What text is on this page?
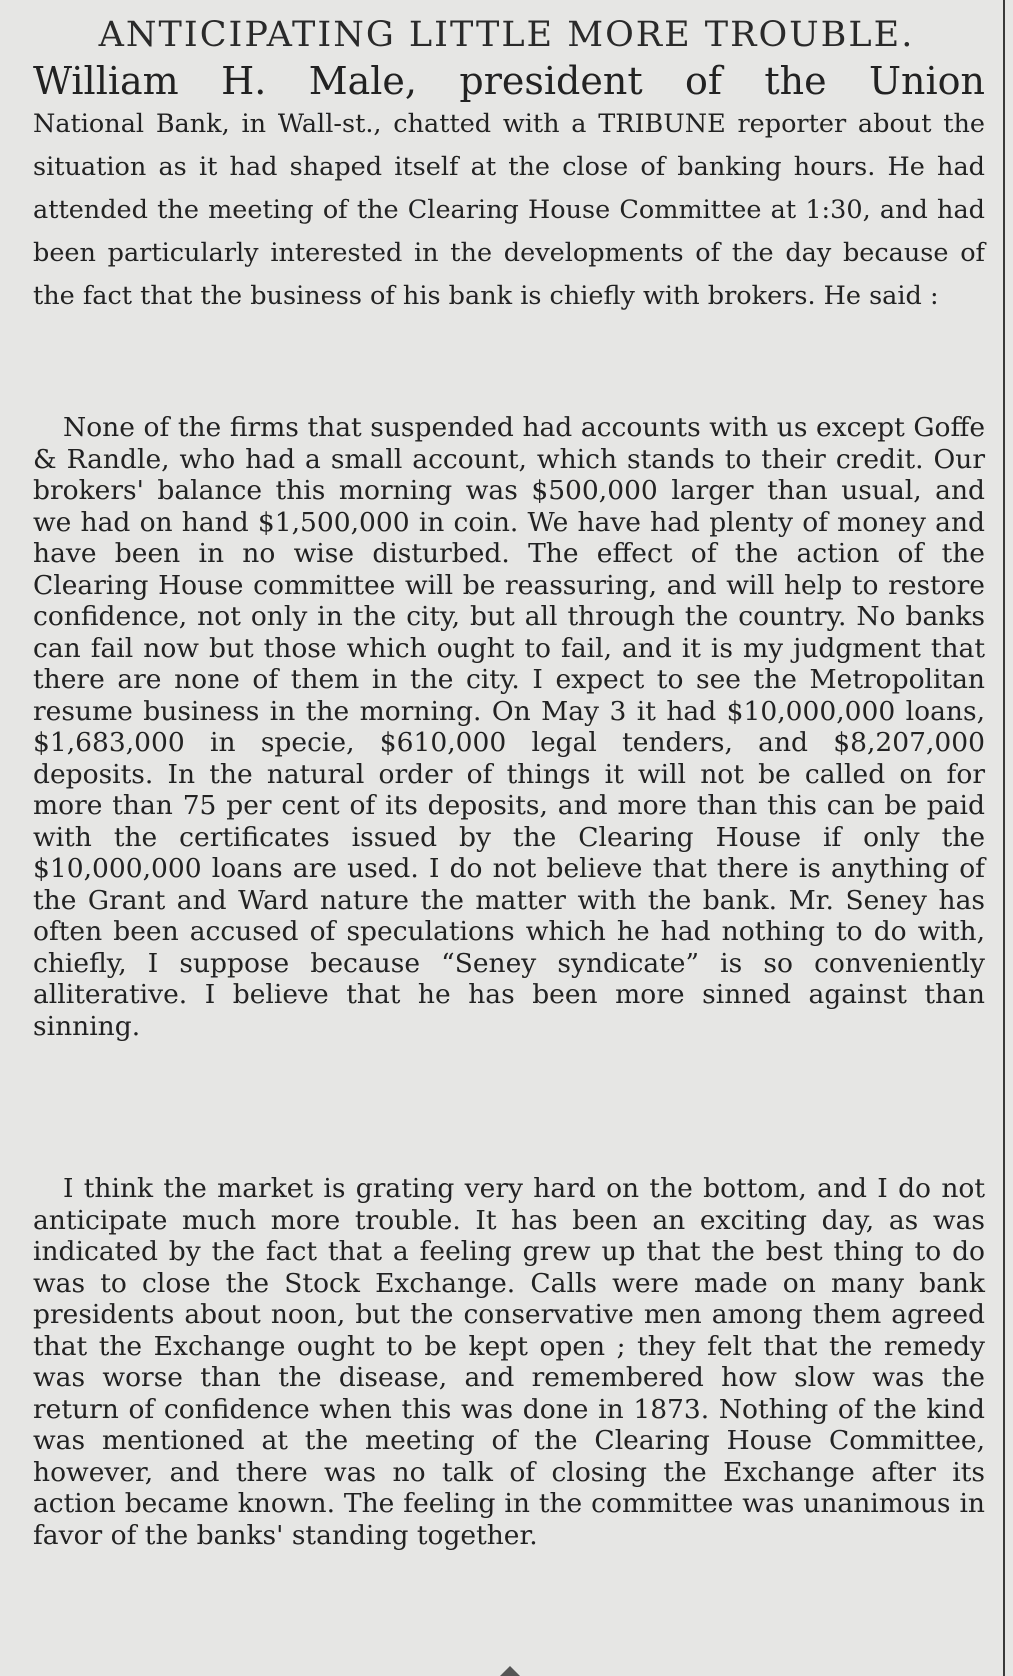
ANTICIPATING LITTLE MORE TROUBLE.
William H. Male, president of the Union
National Bank, in Wall-st., chatted with a TRIBUNE reporter about the situation as it had shaped itself at the close of banking hours. He had attended the meeting of the Clearing House Committee at 1:30, and had been particularly interested in the developments of the day because of the fact that the business of his bank is chiefly with brokers. He said :

None of the firms that suspended had accounts with us except Goffe & Randle, who had a small account, which stands to their credit. Our brokers' balance this morning was $500,000 larger than usual, and we had on hand $1,500,000 in coin. We have had plenty of money and have been in no wise disturbed. The effect of the action of the Clearing House committee will be reassuring, and will help to restore confidence, not only in the city, but all through the country. No banks can fail now but those which ought to fail, and it is my judgment that there are none of them in the city. I expect to see the Metropolitan resume business in the morning. On May 3 it had $10,000,000 loans, $1,683,000 in specie, $610,000 legal tenders, and $8,207,000 deposits. In the natural order of things it will not be called on for more than 75 per cent of its deposits, and more than this can be paid with the certificates issued by the Clearing House if only the $10,000,000 loans are used. I do not believe that there is anything of the Grant and Ward nature the matter with the bank. Mr. Seney has often been accused of speculations which he had nothing to do with, chiefly, I suppose because “Seney syndicate” is so conveniently alliterative. I believe that he has been more sinned against than sinning.

I think the market is grating very hard on the bottom, and I do not anticipate much more trouble. It has been an exciting day, as was indicated by the fact that a feeling grew up that the best thing to do was to close the Stock Exchange. Calls were made on many bank presidents about noon, but the conservative men among them agreed that the Exchange ought to be kept open ; they felt that the remedy was worse than the disease, and remembered how slow was the return of confidence when this was done in 1873. Nothing of the kind was mentioned at the meeting of the Clearing House Committee, however, and there was no talk of closing the Exchange after its action became known. The feeling in the committee was unanimous in favor of the banks' standing together.
